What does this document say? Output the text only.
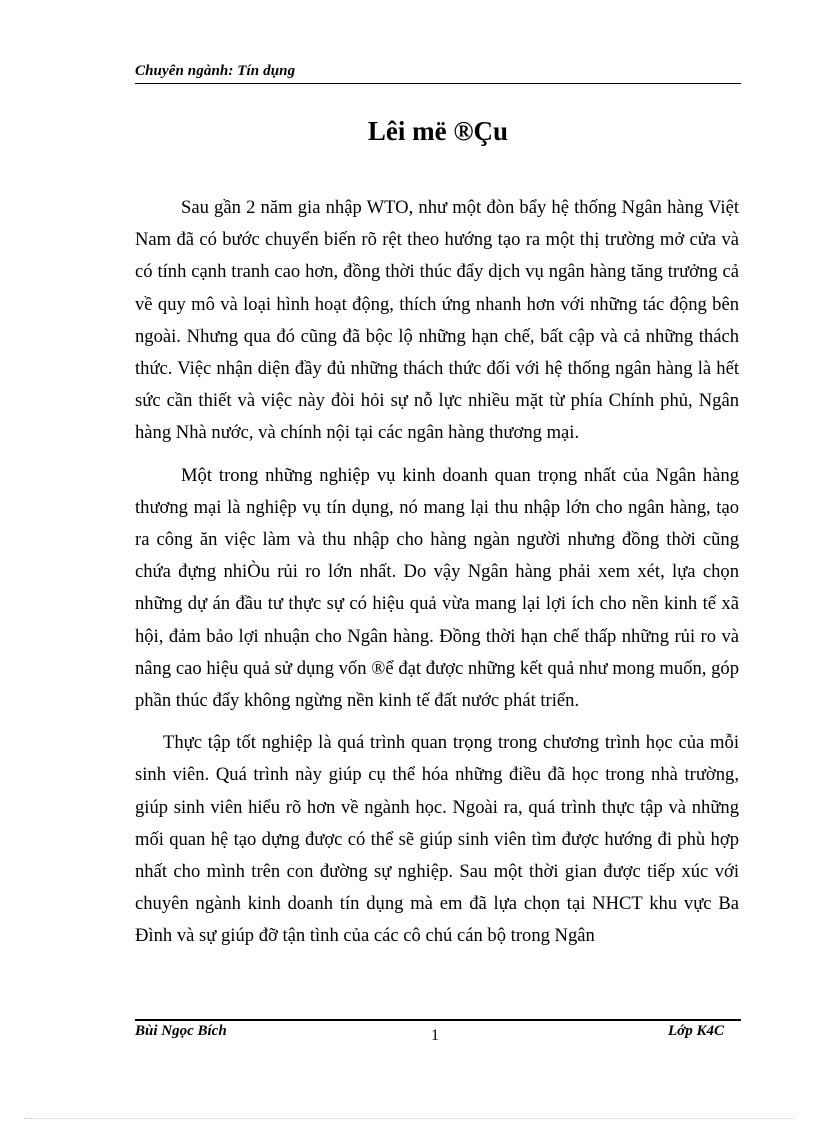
Chuyên ngành: Tín dụng
Lêi më ®Çu

Sau gần 2 năm gia nhập WTO, như một đòn bẩy hệ thống Ngân hàng Việt Nam đã có bước chuyển biến rõ rệt theo hướng tạo ra một thị trường mở cửa và có tính cạnh tranh cao hơn, đồng thời thúc đẩy dịch vụ ngân hàng tăng trưởng cả về quy mô và loại hình hoạt động, thích ứng nhanh hơn với những tác động bên ngoài. Nhưng qua đó cũng đã bộc lộ những hạn chế, bất cập và cả những thách thức. Việc nhận diện đầy đủ những thách thức đối với hệ thống ngân hàng là hết sức cần thiết và việc này đòi hỏi sự nỗ lực nhiều mặt từ phía Chính phủ, Ngân hàng Nhà nước, và chính nội tại các ngân hàng thương mại.

Một trong những nghiệp vụ kinh doanh quan trọng nhất của Ngân hàng thương mại là nghiệp vụ tín dụng, nó mang lại thu nhập lớn cho ngân hàng, tạo ra công ăn việc làm và thu nhập cho hàng ngàn người nhưng đồng thời cũng chứa đựng nhiÒu rủi ro lớn nhất. Do vậy Ngân hàng phải xem xét, lựa chọn những dự án đầu tư thực sự có hiệu quả vừa mang lại lợi ích cho nền kinh tế xã hội, đảm bảo lợi nhuận cho Ngân hàng. Đồng thời hạn chế thấp những rủi ro và nâng cao hiệu quả sử dụng vốn ®ể đạt được những kết quả như mong muốn, góp phần thúc đẩy không ngừng nền kinh tế đất nước phát triển.

Thực tập tốt nghiệp là quá trình quan trọng trong chương trình học của mỗi sinh viên. Quá trình này giúp cụ thể hóa những điều đã học trong nhà trường, giúp sinh viên hiểu rõ hơn về ngành học. Ngoài ra, quá trình thực tập và những mối quan hệ tạo dựng được có thể sẽ giúp sinh viên tìm được hướng đi phù hợp nhất cho mình trên con đường sự nghiệp. Sau một thời gian được tiếp xúc với chuyên ngành kinh doanh tín dụng mà em đã lựa chọn tại NHCT khu vực Ba Đình và sự giúp đỡ tận tình của các cô chú cán bộ trong Ngân

Bùi Ngọc Bích	1	Lớp K4C
